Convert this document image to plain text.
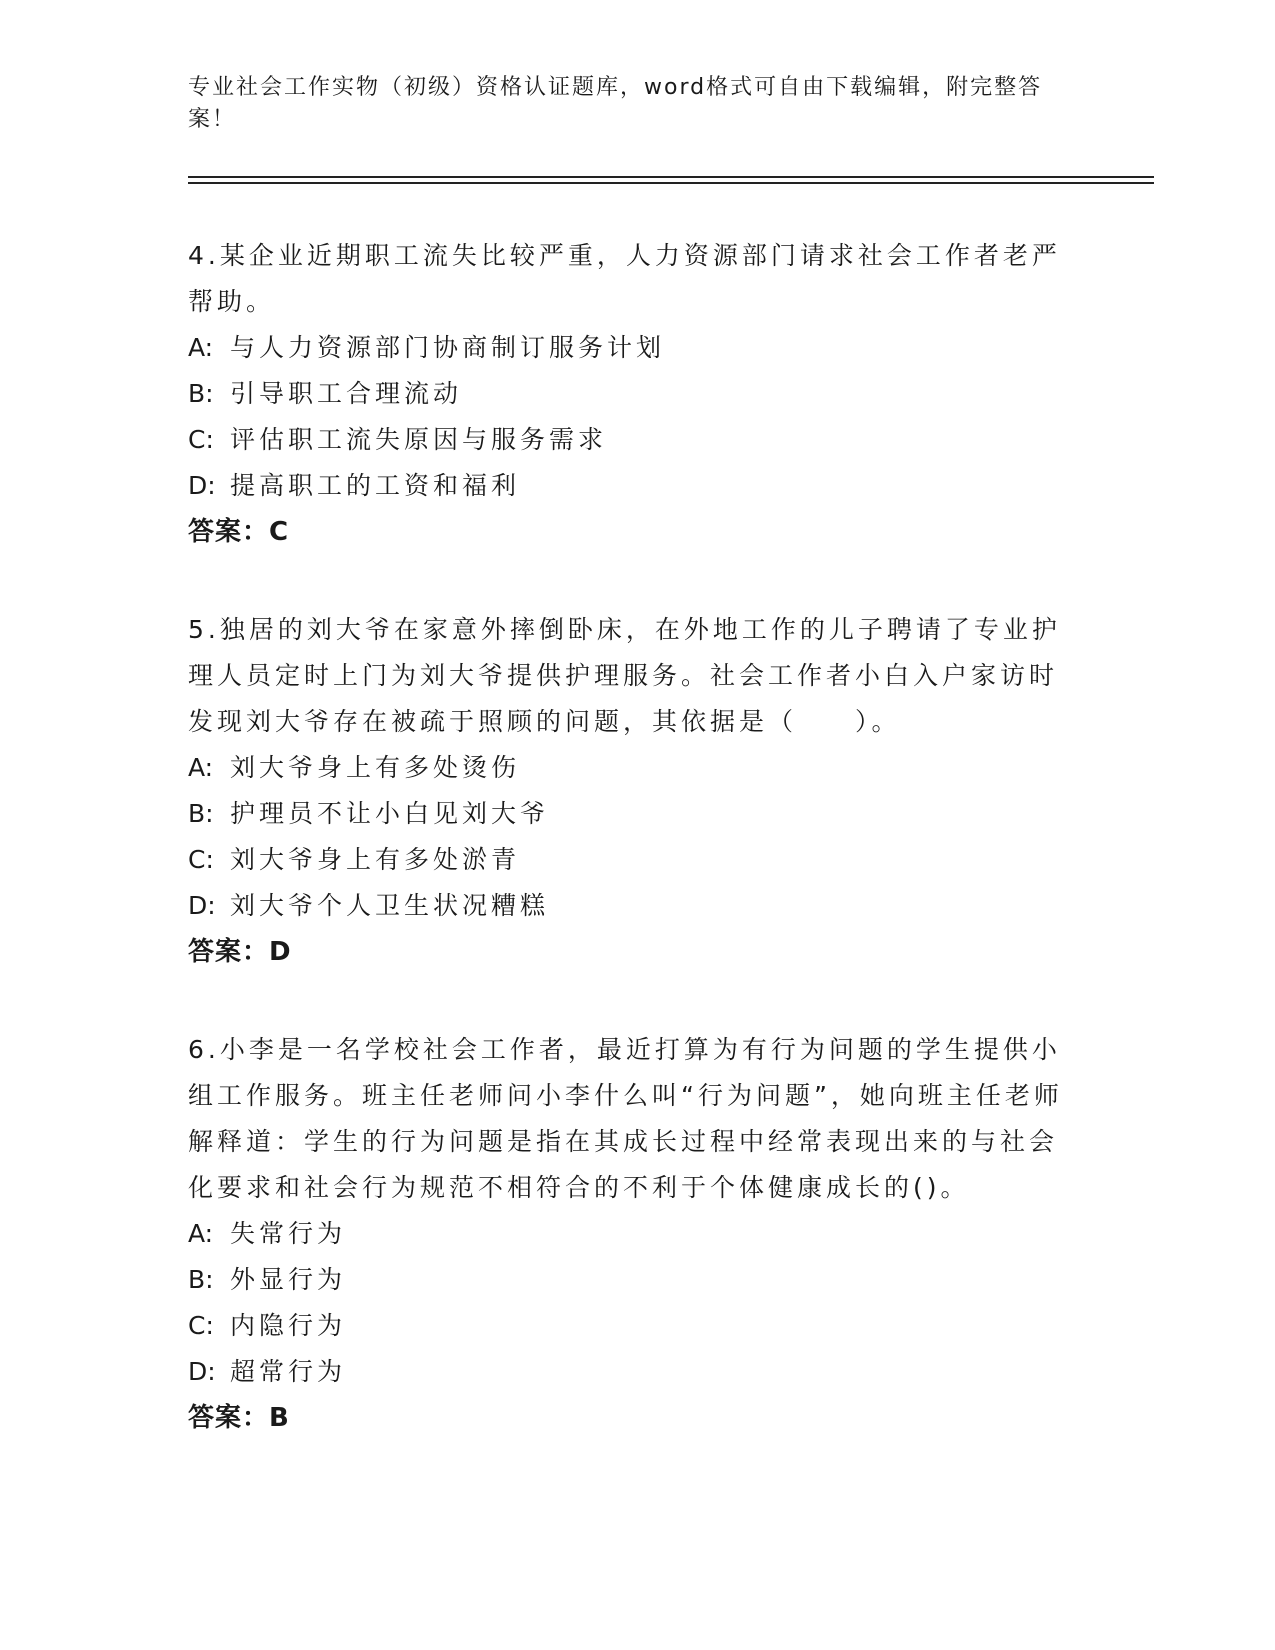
专业社会工作实物（初级）资格认证题库，word格式可自由下载编辑，附完整答案！

4.某企业近期职工流失比较严重，人力资源部门请求社会工作者老严帮助。

A: 与人力资源部门协商制订服务计划
B: 引导职工合理流动
C: 评估职工流失原因与服务需求
D: 提高职工的工资和福利
答案：C

5.独居的刘大爷在家意外摔倒卧床，在外地工作的儿子聘请了专业护理人员定时上门为刘大爷提供护理服务。社会工作者小白入户家访时发现刘大爷存在被疏于照顾的问题，其依据是（　　）。

A: 刘大爷身上有多处烫伤
B: 护理员不让小白见刘大爷
C: 刘大爷身上有多处淤青
D: 刘大爷个人卫生状况糟糕
答案：D

6.小李是一名学校社会工作者，最近打算为有行为问题的学生提供小组工作服务。班主任老师问小李什么叫“行为问题”，她向班主任老师解释道：学生的行为问题是指在其成长过程中经常表现出来的与社会化要求和社会行为规范不相符合的不利于个体健康成长的()。

A: 失常行为
B: 外显行为
C: 内隐行为
D: 超常行为
答案：B
